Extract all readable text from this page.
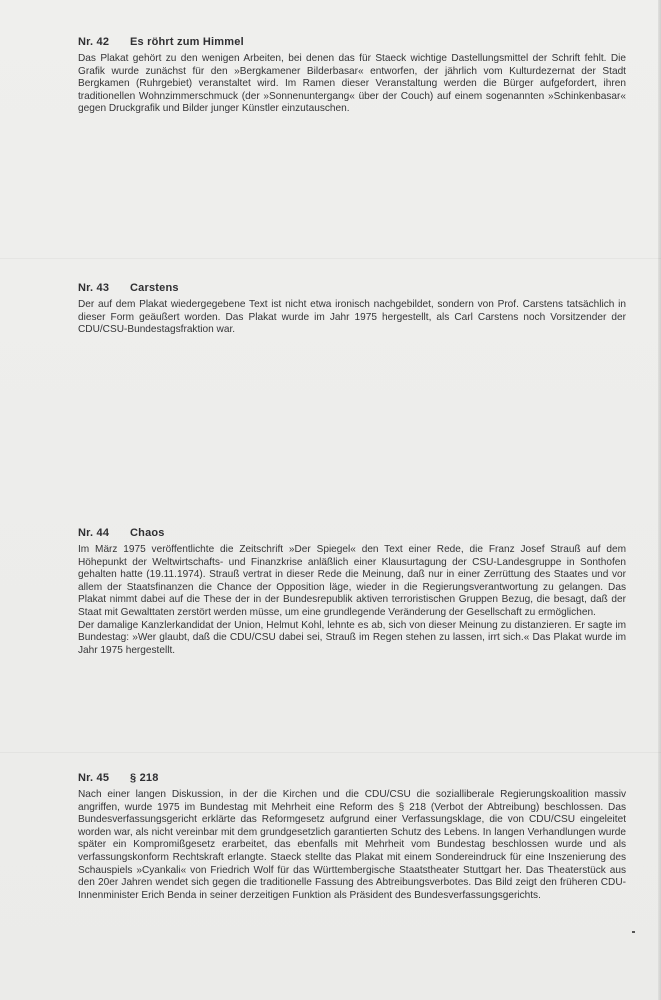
Nr. 42 Es röhrt zum Himmel

Das Plakat gehört zu den wenigen Arbeiten, bei denen das für Staeck wichtige Dastellungsmittel der Schrift fehlt. Die Grafik wurde zunächst für den »Bergkamener Bilderbasar« entworfen, der jährlich vom Kulturdezernat der Stadt Bergkamen (Ruhrgebiet) veranstaltet wird. Im Ramen dieser Veranstaltung werden die Bürger aufgefordert, ihren traditionellen Wohnzimmerschmuck (der »Sonnenuntergang« über der Couch) auf einem sogenannten »Schinkenbasar« gegen Druckgrafik und Bilder junger Künstler einzutauschen.

Nr. 43 Carstens

Der auf dem Plakat wiedergegebene Text ist nicht etwa ironisch nachgebildet, sondern von Prof. Carstens tatsächlich in dieser Form geäußert worden. Das Plakat wurde im Jahr 1975 hergestellt, als Carl Carstens noch Vorsitzender der CDU/CSU-Bundestagsfraktion war.

Nr. 44 Chaos

Im März 1975 veröffentlichte die Zeitschrift »Der Spiegel« den Text einer Rede, die Franz Josef Strauß auf dem Höhepunkt der Weltwirtschafts- und Finanzkrise anläßlich einer Klausurtagung der CSU-Landesgruppe in Sonthofen gehalten hatte (19.11.1974). Strauß vertrat in dieser Rede die Meinung, daß nur in einer Zerrüttung des Staates und vor allem der Staatsfinanzen die Chance der Opposition läge, wieder in die Regierungsverantwortung zu gelangen. Das Plakat nimmt dabei auf die These der in der Bundesrepublik aktiven terroristischen Gruppen Bezug, die besagt, daß der Staat mit Gewalttaten zerstört werden müsse, um eine grundlegende Veränderung der Gesellschaft zu ermöglichen.

Der damalige Kanzlerkandidat der Union, Helmut Kohl, lehnte es ab, sich von dieser Meinung zu distanzieren. Er sagte im Bundestag: »Wer glaubt, daß die CDU/CSU dabei sei, Strauß im Regen stehen zu lassen, irrt sich.« Das Plakat wurde im Jahr 1975 hergestellt.

Nr. 45 § 218

Nach einer langen Diskussion, in der die Kirchen und die CDU/CSU die sozialliberale Regierungskoalition massiv angriffen, wurde 1975 im Bundestag mit Mehrheit eine Reform des § 218 (Verbot der Abtreibung) beschlossen. Das Bundesverfassungsgericht erklärte das Reformgesetz aufgrund einer Verfassungsklage, die von CDU/CSU eingeleitet worden war, als nicht vereinbar mit dem grundgesetzlich garantierten Schutz des Lebens. In langen Verhandlungen wurde später ein Kompromißgesetz erarbeitet, das ebenfalls mit Mehrheit vom Bundestag beschlossen wurde und als verfassungskonform Rechtskraft erlangte. Staeck stellte das Plakat mit einem Sondereindruck für eine Inszenierung des Schauspiels »Cyankali« von Friedrich Wolf für das Württembergische Staatstheater Stuttgart her. Das Theaterstück aus den 20er Jahren wendet sich gegen die traditionelle Fassung des Abtreibungsverbotes. Das Bild zeigt den früheren CDU-Innenminister Erich Benda in seiner derzeitigen Funktion als Präsident des Bundesverfassungsgerichts.
